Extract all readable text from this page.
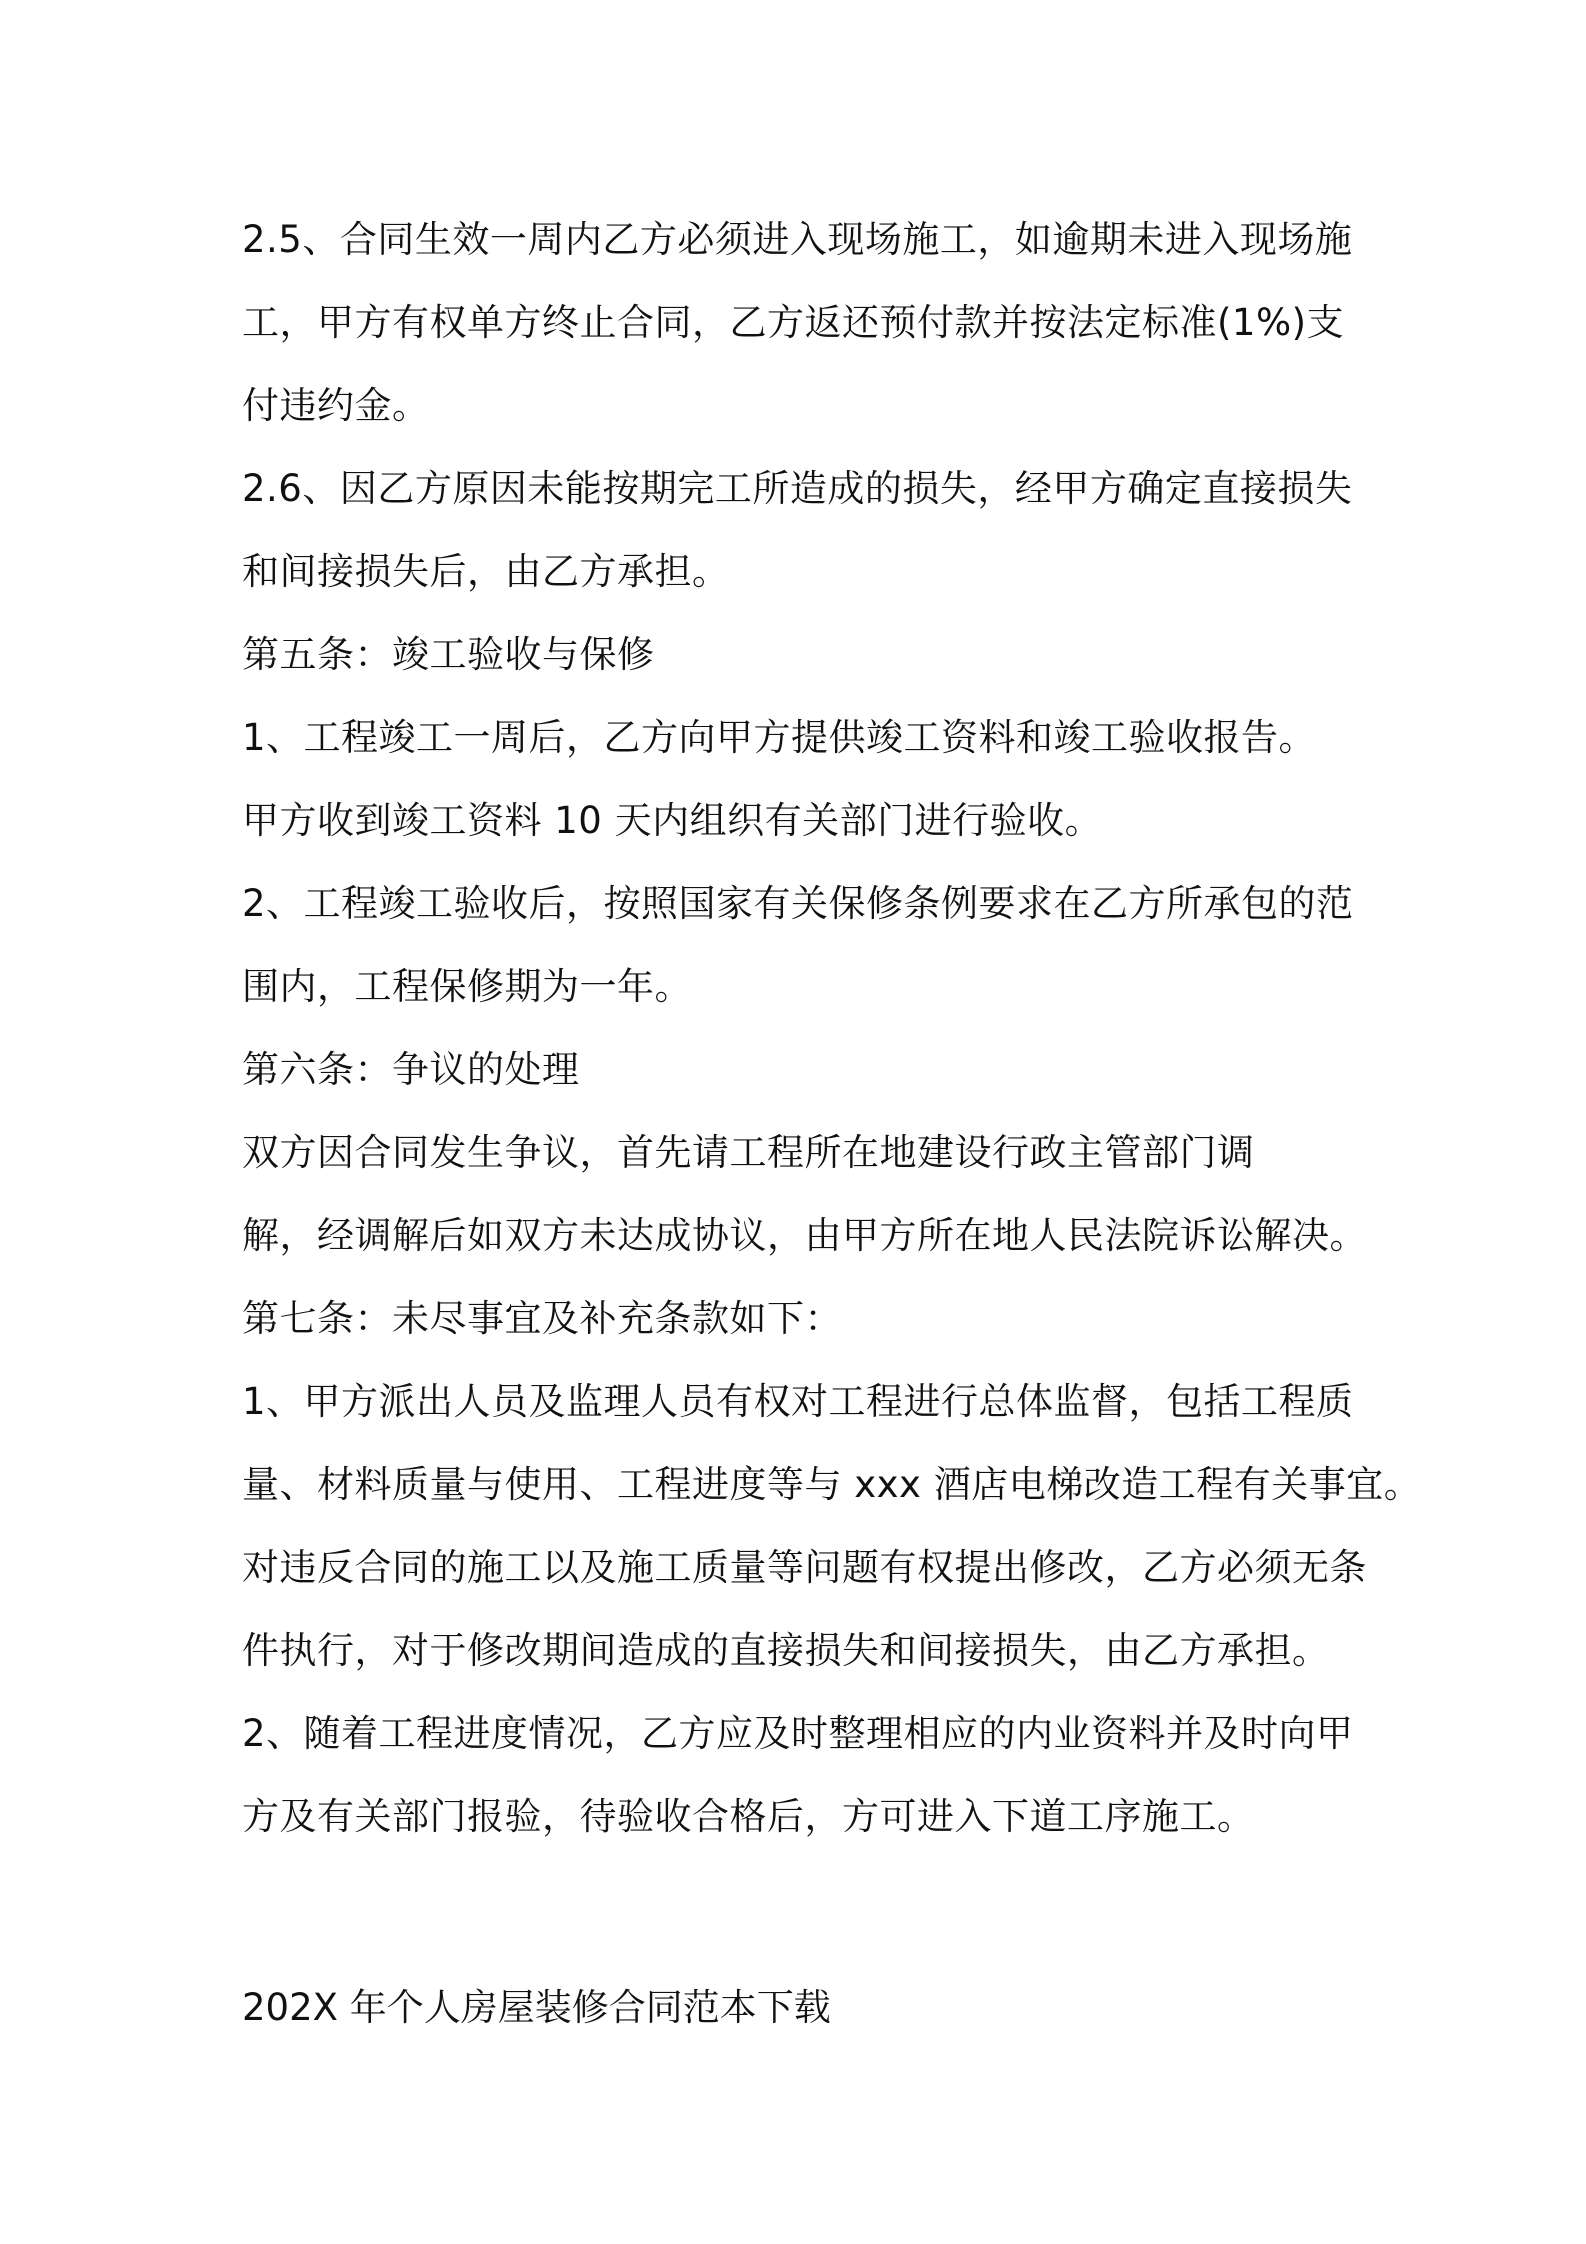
2.5、合同生效一周内乙方必须进入现场施工，如逾期未进入现场施
工，甲方有权单方终止合同，乙方返还预付款并按法定标准(1%)支
付违约金。
2.6、因乙方原因未能按期完工所造成的损失，经甲方确定直接损失
和间接损失后，由乙方承担。
第五条：竣工验收与保修
1、工程竣工一周后，乙方向甲方提供竣工资料和竣工验收报告。
甲方收到竣工资料 10 天内组织有关部门进行验收。
2、工程竣工验收后，按照国家有关保修条例要求在乙方所承包的范
围内，工程保修期为一年。
第六条：争议的处理
双方因合同发生争议，首先请工程所在地建设行政主管部门调
解，经调解后如双方未达成协议，由甲方所在地人民法院诉讼解决。
第七条：未尽事宜及补充条款如下：
1、甲方派出人员及监理人员有权对工程进行总体监督，包括工程质
量、材料质量与使用、工程进度等与 xxx 酒店电梯改造工程有关事宜。
对违反合同的施工以及施工质量等问题有权提出修改，乙方必须无条
件执行，对于修改期间造成的直接损失和间接损失，由乙方承担。
2、随着工程进度情况，乙方应及时整理相应的内业资料并及时向甲
方及有关部门报验，待验收合格后，方可进入下道工序施工。
202X 年个人房屋装修合同范本下载
